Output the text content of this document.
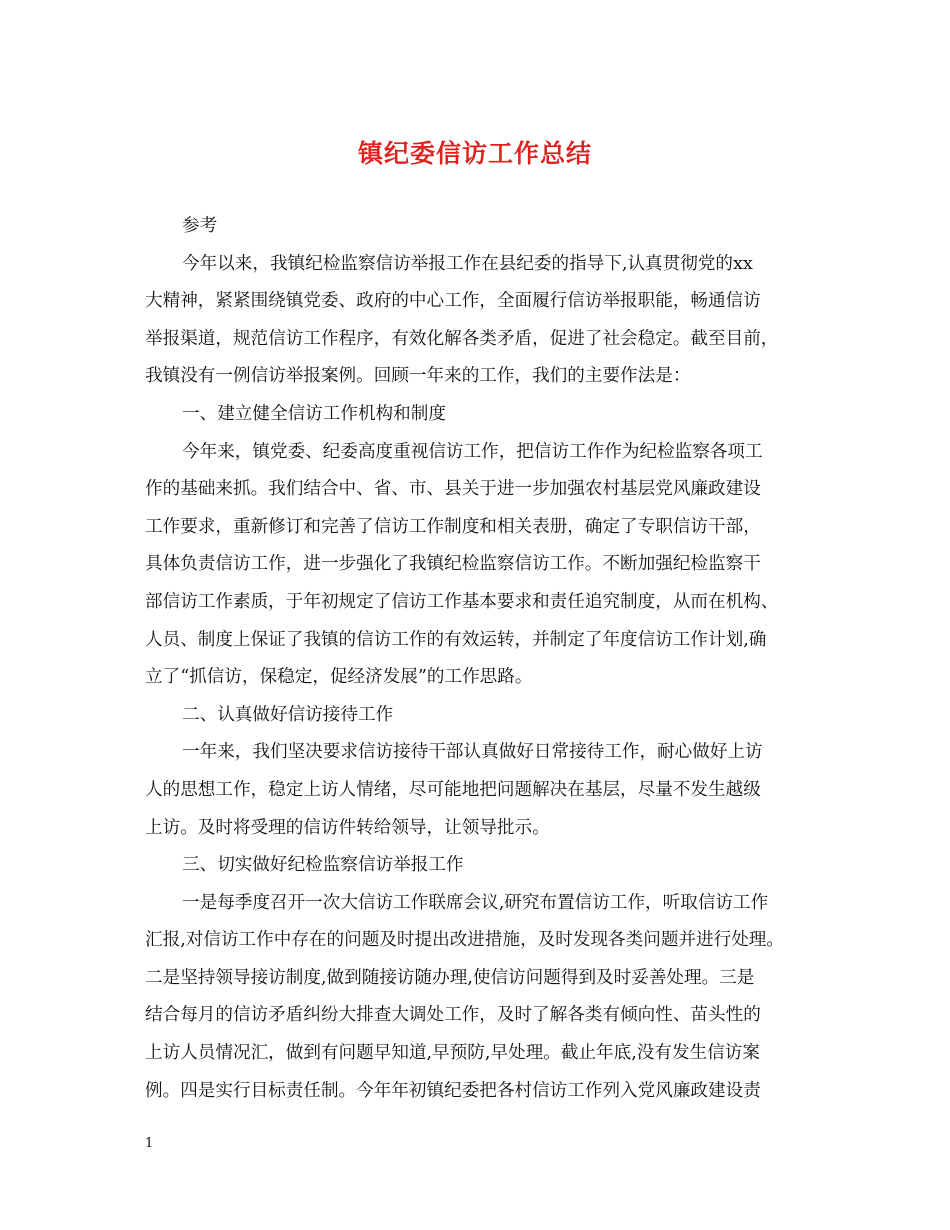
镇纪委信访工作总结
参考
今年以来，我镇纪检监察信访举报工作在县纪委的指导下,认真贯彻党的xx
大精神，紧紧围绕镇党委、政府的中心工作，全面履行信访举报职能，畅通信访
举报渠道，规范信访工作程序，有效化解各类矛盾，促进了社会稳定。截至目前，
我镇没有一例信访举报案例。回顾一年来的工作，我们的主要作法是：
一、建立健全信访工作机构和制度
今年来，镇党委、纪委高度重视信访工作，把信访工作作为纪检监察各项工
作的基础来抓。我们结合中、省、市、县关于进一步加强农村基层党风廉政建设
工作要求，重新修订和完善了信访工作制度和相关表册，确定了专职信访干部，
具体负责信访工作，进一步强化了我镇纪检监察信访工作。不断加强纪检监察干
部信访工作素质，于年初规定了信访工作基本要求和责任追究制度，从而在机构、
人员、制度上保证了我镇的信访工作的有效运转，并制定了年度信访工作计划,确
立了“抓信访，保稳定，促经济发展”的工作思路。
二、认真做好信访接待工作
一年来，我们坚决要求信访接待干部认真做好日常接待工作，耐心做好上访
人的思想工作，稳定上访人情绪，尽可能地把问题解决在基层，尽量不发生越级
上访。及时将受理的信访件转给领导，让领导批示。
三、切实做好纪检监察信访举报工作
一是每季度召开一次大信访工作联席会议,研究布置信访工作，听取信访工作
汇报,对信访工作中存在的问题及时提出改进措施，及时发现各类问题并进行处理。
二是坚持领导接访制度,做到随接访随办理,使信访问题得到及时妥善处理。三是
结合每月的信访矛盾纠纷大排查大调处工作，及时了解各类有倾向性、苗头性的
上访人员情况汇，做到有问题早知道,早预防,早处理。截止年底,没有发生信访案
例。四是实行目标责任制。今年年初镇纪委把各村信访工作列入党风廉政建设责
1
